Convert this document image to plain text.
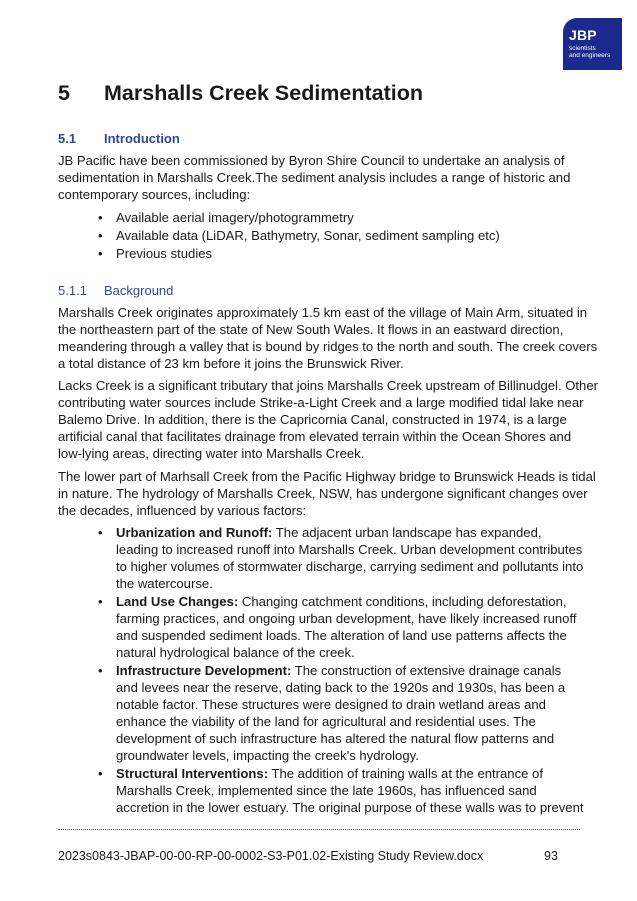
JBP
scientists
and engineers
5 Marshalls Creek Sedimentation
5.1 Introduction

JB Pacific have been commissioned by Byron Shire Council to undertake an analysis of sedimentation in Marshalls Creek.The sediment analysis includes a range of historic and contemporary sources, including:

• Available aerial imagery/photogrammetry
• Available data (LiDAR, Bathymetry, Sonar, sediment sampling etc)
• Previous studies
5.1.1 Background

Marshalls Creek originates approximately 1.5 km east of the village of Main Arm, situated in the northeastern part of the state of New South Wales. It flows in an eastward direction, meandering through a valley that is bound by ridges to the north and south. The creek covers a total distance of 23 km before it joins the Brunswick River.

Lacks Creek is a significant tributary that joins Marshalls Creek upstream of Billinudgel. Other contributing water sources include Strike-a-Light Creek and a large modified tidal lake near Balemo Drive. In addition, there is the Capricornia Canal, constructed in 1974, is a large artificial canal that facilitates drainage from elevated terrain within the Ocean Shores and low-lying areas, directing water into Marshalls Creek.

The lower part of Marhsall Creek from the Pacific Highway bridge to Brunswick Heads is tidal in nature. The hydrology of Marshalls Creek, NSW, has undergone significant changes over the decades, influenced by various factors:

• Urbanization and Runoff: The adjacent urban landscape has expanded, leading to increased runoff into Marshalls Creek. Urban development contributes to higher volumes of stormwater discharge, carrying sediment and pollutants into the watercourse.
• Land Use Changes: Changing catchment conditions, including deforestation, farming practices, and ongoing urban development, have likely increased runoff and suspended sediment loads. The alteration of land use patterns affects the natural hydrological balance of the creek.
• Infrastructure Development: The construction of extensive drainage canals and levees near the reserve, dating back to the 1920s and 1930s, has been a notable factor. These structures were designed to drain wetland areas and enhance the viability of the land for agricultural and residential uses. The development of such infrastructure has altered the natural flow patterns and groundwater levels, impacting the creek's hydrology.
• Structural Interventions: The addition of training walls at the entrance of Marshalls Creek, implemented since the late 1960s, has influenced sand accretion in the lower estuary. The original purpose of these walls was to prevent
2023s0843-JBAP-00-00-RP-00-0002-S3-P01.02-Existing Study Review.docx	93
